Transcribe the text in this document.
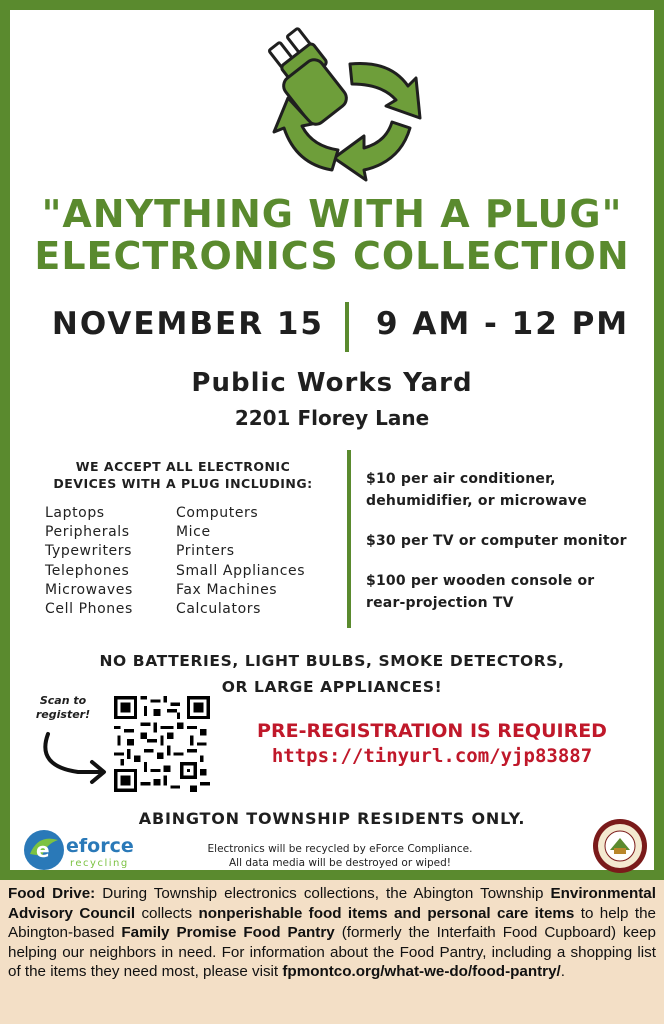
"ANYTHING WITH A PLUG"
ELECTRONICS COLLECTION
NOVEMBER 15 9 AM - 12 PM
Public Works Yard
2201 Florey Lane
WE ACCEPT ALL ELECTRONIC
DEVICES WITH A PLUG INCLUDING:
Laptops
Peripherals
Typewriters
Telephones
Microwaves
Cell Phones
Computers
Mice
Printers
Small Appliances
Fax Machines
Calculators
$10 per air conditioner,
dehumidifier, or microwave
$30 per TV or computer monitor
$100 per wooden console or
rear-projection TV
NO BATTERIES, LIGHT BULBS, SMOKE DETECTORS,
OR LARGE APPLIANCES!
Scan to
register!
PRE-REGISTRATION IS REQUIRED
https://tinyurl.com/yjp83887
ABINGTON TOWNSHIP RESIDENTS ONLY.
e eforce
recycling
Electronics will be recycled by eForce Compliance.
All data media will be destroyed or wiped!
Food Drive: During Township electronics collections, the Abington Township Environmental Advisory Council collects nonperishable food items and personal care items to help the Abington-based Family Promise Food Pantry (formerly the Interfaith Food Cupboard) keep helping our neighbors in need. For information about the Food Pantry, including a shopping list of the items they need most, please visit fpmontco.org/what-we-do/food-pantry/.
